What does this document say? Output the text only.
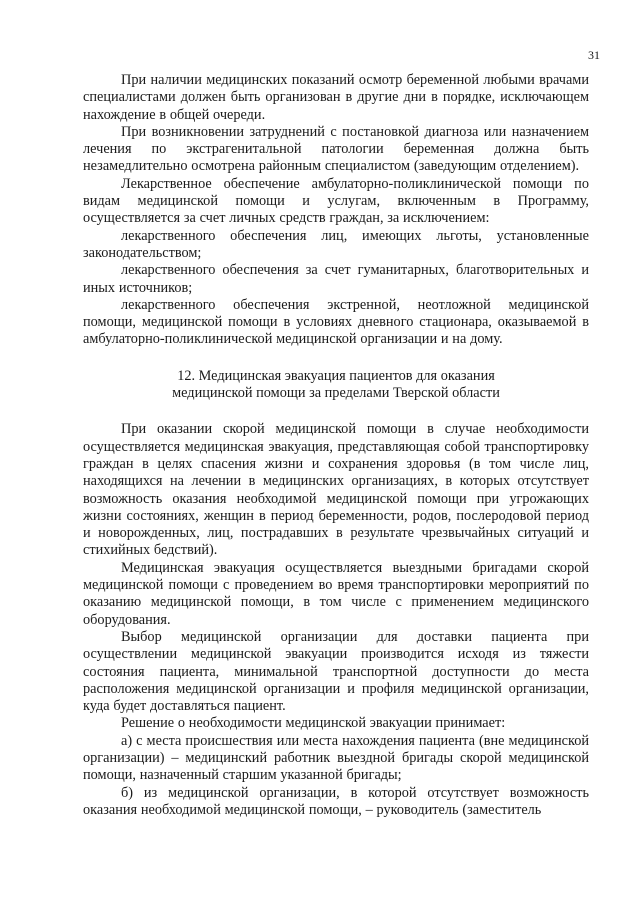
31

При наличии медицинских показаний осмотр беременной любыми врачами специалистами должен быть организован в другие дни в порядке, исключающем нахождение в общей очереди.

При возникновении затруднений с постановкой диагноза или назначением лечения по экстрагенитальной патологии беременная должна быть незамедлительно осмотрена районным специалистом (заведующим отделением).

Лекарственное обеспечение амбулаторно-поликлинической помощи по видам медицинской помощи и услугам, включенным в Программу, осуществляется за счет личных средств граждан, за исключением:

лекарственного обеспечения лиц, имеющих льготы, установленные законодательством;

лекарственного обеспечения за счет гуманитарных, благотворительных и иных источников;

лекарственного обеспечения экстренной, неотложной медицинской помощи, медицинской помощи в условиях дневного стационара, оказываемой в амбулаторно-поликлинической медицинской организации и на дому.

12. Медицинская эвакуация пациентов для оказания
медицинской помощи за пределами Тверской области

При оказании скорой медицинской помощи в случае необходимости осуществляется медицинская эвакуация, представляющая собой транспортировку граждан в целях спасения жизни и сохранения здоровья (в том числе лиц, находящихся на лечении в медицинских организациях, в которых отсутствует возможность оказания необходимой медицинской помощи при угрожающих жизни состояниях, женщин в период беременности, родов, послеродовой период и новорожденных, лиц, пострадавших в результате чрезвычайных ситуаций и стихийных бедствий).

Медицинская эвакуация осуществляется выездными бригадами скорой медицинской помощи с проведением во время транспортировки мероприятий по оказанию медицинской помощи, в том числе с применением медицинского оборудования.

Выбор медицинской организации для доставки пациента при осуществлении медицинской эвакуации производится исходя из тяжести состояния пациента, минимальной транспортной доступности до места расположения медицинской организации и профиля медицинской организации, куда будет доставляться пациент.

Решение о необходимости медицинской эвакуации принимает:

а) с места происшествия или места нахождения пациента (вне медицинской организации) – медицинский работник выездной бригады скорой медицинской помощи, назначенный старшим указанной бригады;

б) из медицинской организации, в которой отсутствует возможность оказания необходимой медицинской помощи, – руководитель (заместитель
